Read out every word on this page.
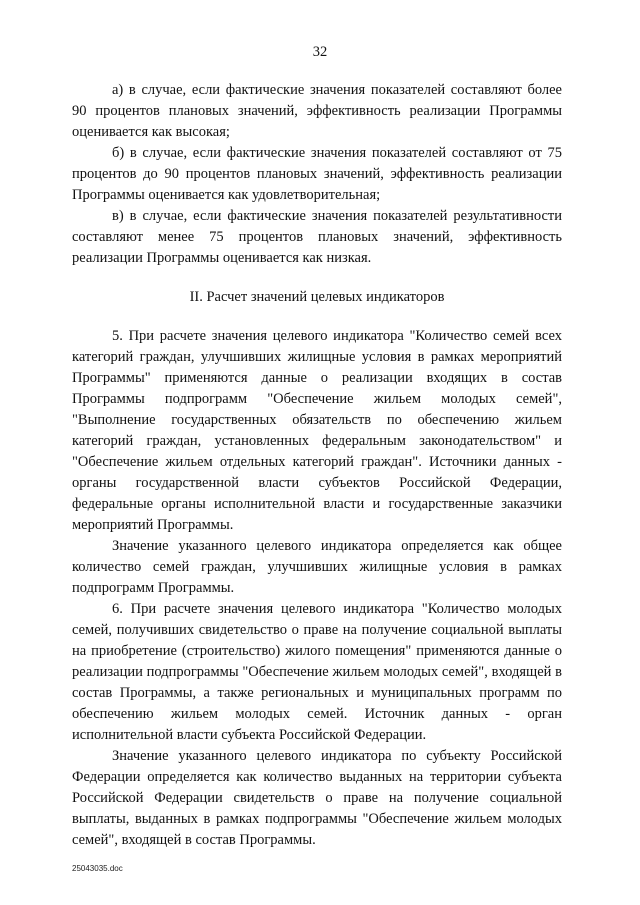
32

а) в случае, если фактические значения показателей составляют более 90 процентов плановых значений, эффективность реализации Программы оценивается как высокая;

б) в случае, если фактические значения показателей составляют от 75 процентов до 90 процентов плановых значений, эффективность реализации Программы оценивается как удовлетворительная;

в) в случае, если фактические значения показателей результативности составляют менее 75 процентов плановых значений, эффективность реализации Программы оценивается как низкая.

II. Расчет значений целевых индикаторов

5. При расчете значения целевого индикатора "Количество семей всех категорий граждан, улучшивших жилищные условия в рамках мероприятий Программы" применяются данные о реализации входящих в состав Программы подпрограмм "Обеспечение жильем молодых семей", "Выполнение государственных обязательств по обеспечению жильем категорий граждан, установленных федеральным законодательством" и "Обеспечение жильем отдельных категорий граждан". Источники данных - органы государственной власти субъектов Российской Федерации, федеральные органы исполнительной власти и государственные заказчики мероприятий Программы.

Значение указанного целевого индикатора определяется как общее количество семей граждан, улучшивших жилищные условия в рамках подпрограмм Программы.

6. При расчете значения целевого индикатора "Количество молодых семей, получивших свидетельство о праве на получение социальной выплаты на приобретение (строительство) жилого помещения" применяются данные о реализации подпрограммы "Обеспечение жильем молодых семей", входящей в состав Программы, а также региональных и муниципальных программ по обеспечению жильем молодых семей. Источник данных - орган исполнительной власти субъекта Российской Федерации.

Значение указанного целевого индикатора по субъекту Российской Федерации определяется как количество выданных на территории субъекта Российской Федерации свидетельств о праве на получение социальной выплаты, выданных в рамках подпрограммы "Обеспечение жильем молодых семей", входящей в состав Программы.

25043035.doc
